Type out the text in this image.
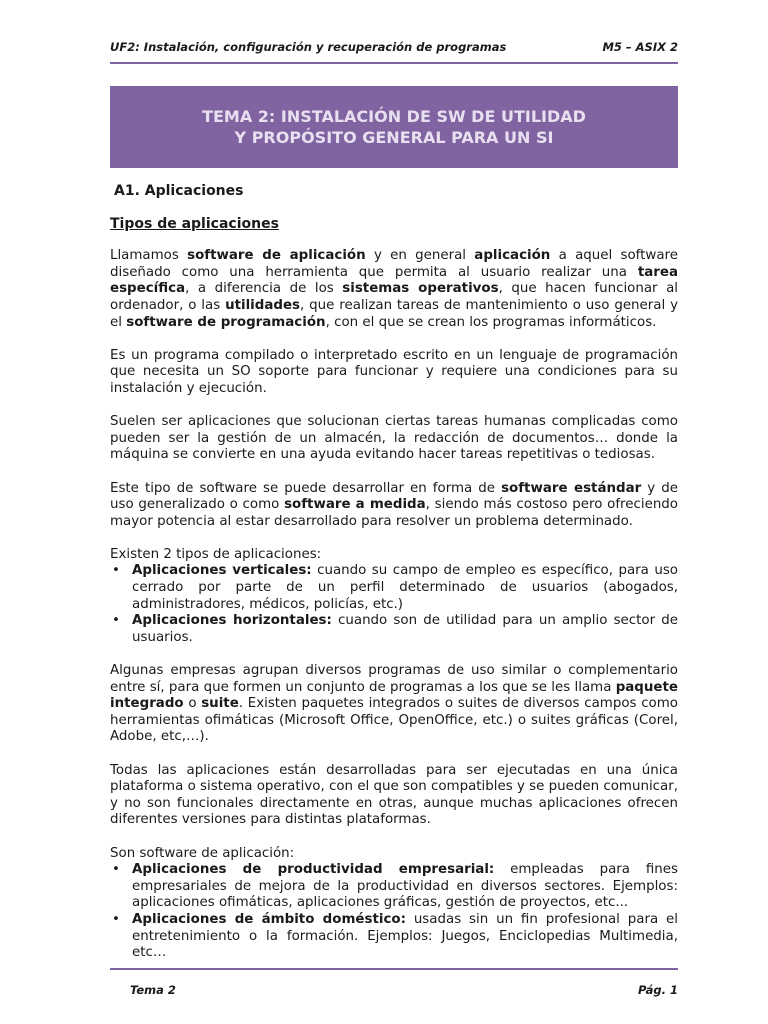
UF2: Instalación, configuración y recuperación de programas	M5 – ASIX 2
TEMA 2: INSTALACIÓN DE SW DE UTILIDAD
Y PROPÓSITO GENERAL PARA UN SI
A1. Aplicaciones
Tipos de aplicaciones

Llamamos software de aplicación y en general aplicación a aquel software diseñado como una herramienta que permita al usuario realizar una tarea específica, a diferencia de los sistemas operativos, que hacen funcionar al ordenador, o las utilidades, que realizan tareas de mantenimiento o uso general y el software de programación, con el que se crean los programas informáticos.

Es un programa compilado o interpretado escrito en un lenguaje de programación que necesita un SO soporte para funcionar y requiere una condiciones para su instalación y ejecución.

Suelen ser aplicaciones que solucionan ciertas tareas humanas complicadas como pueden ser la gestión de un almacén, la redacción de documentos… donde la máquina se convierte en una ayuda evitando hacer tareas repetitivas o tediosas.

Este tipo de software se puede desarrollar en forma de software estándar y de uso generalizado o como software a medida, siendo más costoso pero ofreciendo mayor potencia al estar desarrollado para resolver un problema determinado.

Existen 2 tipos de aplicaciones:

• Aplicaciones verticales: cuando su campo de empleo es específico, para uso cerrado por parte de un perfil determinado de usuarios (abogados, administradores, médicos, policías, etc.)
• Aplicaciones horizontales: cuando son de utilidad para un amplio sector de usuarios.

Algunas empresas agrupan diversos programas de uso similar o complementario entre sí, para que formen un conjunto de programas a los que se les llama paquete integrado o suite. Existen paquetes integrados o suites de diversos campos como herramientas ofimáticas (Microsoft Office, OpenOffice, etc.) o suites gráficas (Corel, Adobe, etc,…).

Todas las aplicaciones están desarrolladas para ser ejecutadas en una única plataforma o sistema operativo, con el que son compatibles y se pueden comunicar, y no son funcionales directamente en otras, aunque muchas aplicaciones ofrecen diferentes versiones para distintas plataformas.

Son software de aplicación:

• Aplicaciones de productividad empresarial: empleadas para fines empresariales de mejora de la productividad en diversos sectores. Ejemplos: aplicaciones ofimáticas, aplicaciones gráficas, gestión de proyectos, etc...
• Aplicaciones de ámbito doméstico: usadas sin un fin profesional para el entretenimiento o la formación. Ejemplos: Juegos, Enciclopedias Multimedia, etc…
Tema 2	Pág. 1
